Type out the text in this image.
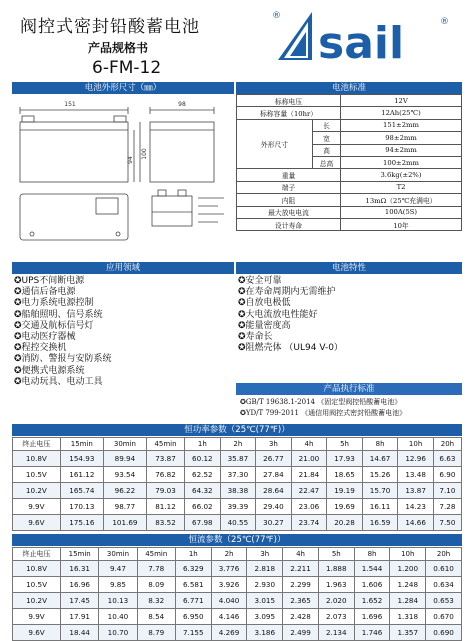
阀控式密封铅酸蓄电池
产品规格书
6-FM-12	sail	®
®
电池外形尺寸（㎜）	电池标准
151	98
94
100
标称电压		12V
标称容量（10hr）		12Ah(25℃)
外形尺寸	长	151±2mm
	宽	98±2mm
	高	94±2mm
	总高	100±2mm
重量		3.6kg(±2%)
端子		T2
内阻		13mΩ（25℃充满电）
最大放电电流		100A(5S)
设计寿命		10年
应用领域	电池特性
✪UPS不间断电源
✪通信后备电源
✪电力系统电源控制
✪船舶照明、信号系统
✪交通及航标信号灯
✪电动医疗器械
✪程控交换机
✪消防、警报与安防系统
✪便携式电源系统
✪电动玩具、电动工具
✪安全可靠
✪在寿命周期内无需维护
✪自放电极低
✪大电流放电性能好
✪能量密度高
✪寿命长
✪阻燃壳体 （UL94 V-0）
产品执行标准
✪GB/T 19638.1-2014 《固定型阀控铅酸蓄电池》
✪YD/T 799-2011 《通信用阀控式密封铅酸蓄电池》
恒功率参数（25℃(77℉)）
终止电压	15min	30min	45min	1h	2h	3h	4h	5h	8h	10h	20h
10.8V	154.93	89.94	73.87	60.12	35.87	26.77	21.00	17.93	14.67	12.96	6.63
10.5V	161.12	93.54	76.82	62.52	37.30	27.84	21.84	18.65	15.26	13.48	6.90
10.2V	165.74	96.22	79.03	64.32	38.38	28.64	22.47	19.19	15.70	13.87	7.10
9.9V	170.13	98.77	81.12	66.02	39.39	29.40	23.06	19.69	16.11	14.23	7.28
9.6V	175.16	101.69	83.52	67.98	40.55	30.27	23.74	20.28	16.59	14.66	7.50
恒流参数（25℃(77℉)）
终止电压	15min	30min	45min	1h	2h	3h	4h	5h	8h	10h	20h
10.8V	16.31	9.47	7.78	6.329	3.776	2.818	2.211	1.888	1.544	1.200	0.610
10.5V	16.96	9.85	8.09	6.581	3.926	2.930	2.299	1.963	1.606	1.248	0.634
10.2V	17.45	10.13	8.32	6.771	4.040	3.015	2.365	2.020	1.652	1.284	0.653
9.9V	17.91	10.40	8.54	6.950	4.146	3.095	2.428	2.073	1.696	1.318	0.670
9.6V	18.44	10.70	8.79	7.155	4.269	3.186	2.499	2.134	1.746	1.357	0.690
